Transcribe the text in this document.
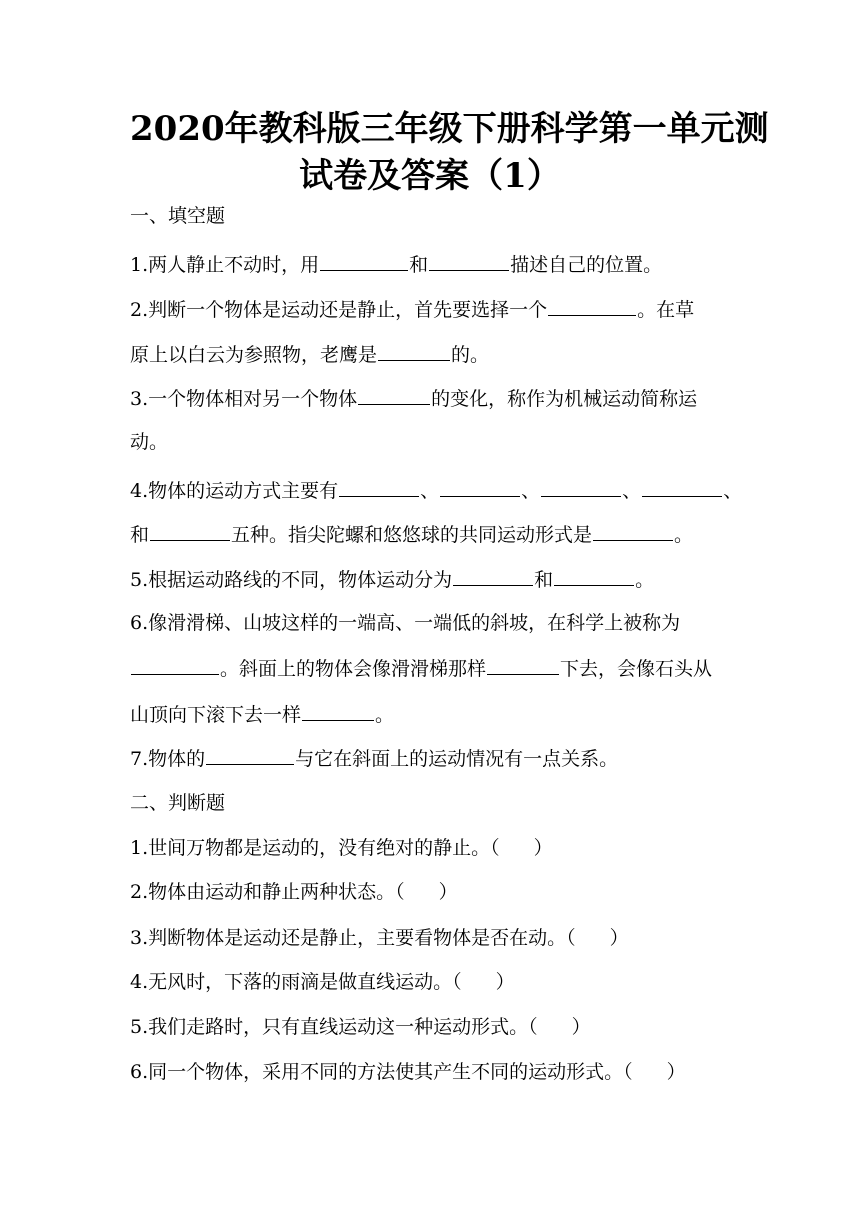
2020年教科版三年级下册科学第一单元测
试卷及答案（1）
一、填空题
1.两人静止不动时，用	和	描述自己的位置。
2.判断一个物体是运动还是静止，首先要选择一个	。在草
原上以白云为参照物，老鹰是	的。
3.一个物体相对另一个物体	的变化，称作为机械运动简称运
动。
4.物体的运动方式主要有	、	、	、	、
和	五种。指尖陀螺和悠悠球的共同运动形式是	。
5.根据运动路线的不同，物体运动分为	和	。
6.像滑滑梯、山坡这样的一端高、一端低的斜坡，在科学上被称为
。斜面上的物体会像滑滑梯那样	下去，会像石头从
山顶向下滚下去一样	。
7.物体的	与它在斜面上的运动情况有一点关系。
二、判断题
1.世间万物都是运动的，没有绝对的静止。（ ）
2.物体由运动和静止两种状态。（ ）
3.判断物体是运动还是静止，主要看物体是否在动。（ ）
4.无风时，下落的雨滴是做直线运动。（ ）
5.我们走路时，只有直线运动这一种运动形式。（ ）
6.同一个物体，采用不同的方法使其产生不同的运动形式。（ ）
